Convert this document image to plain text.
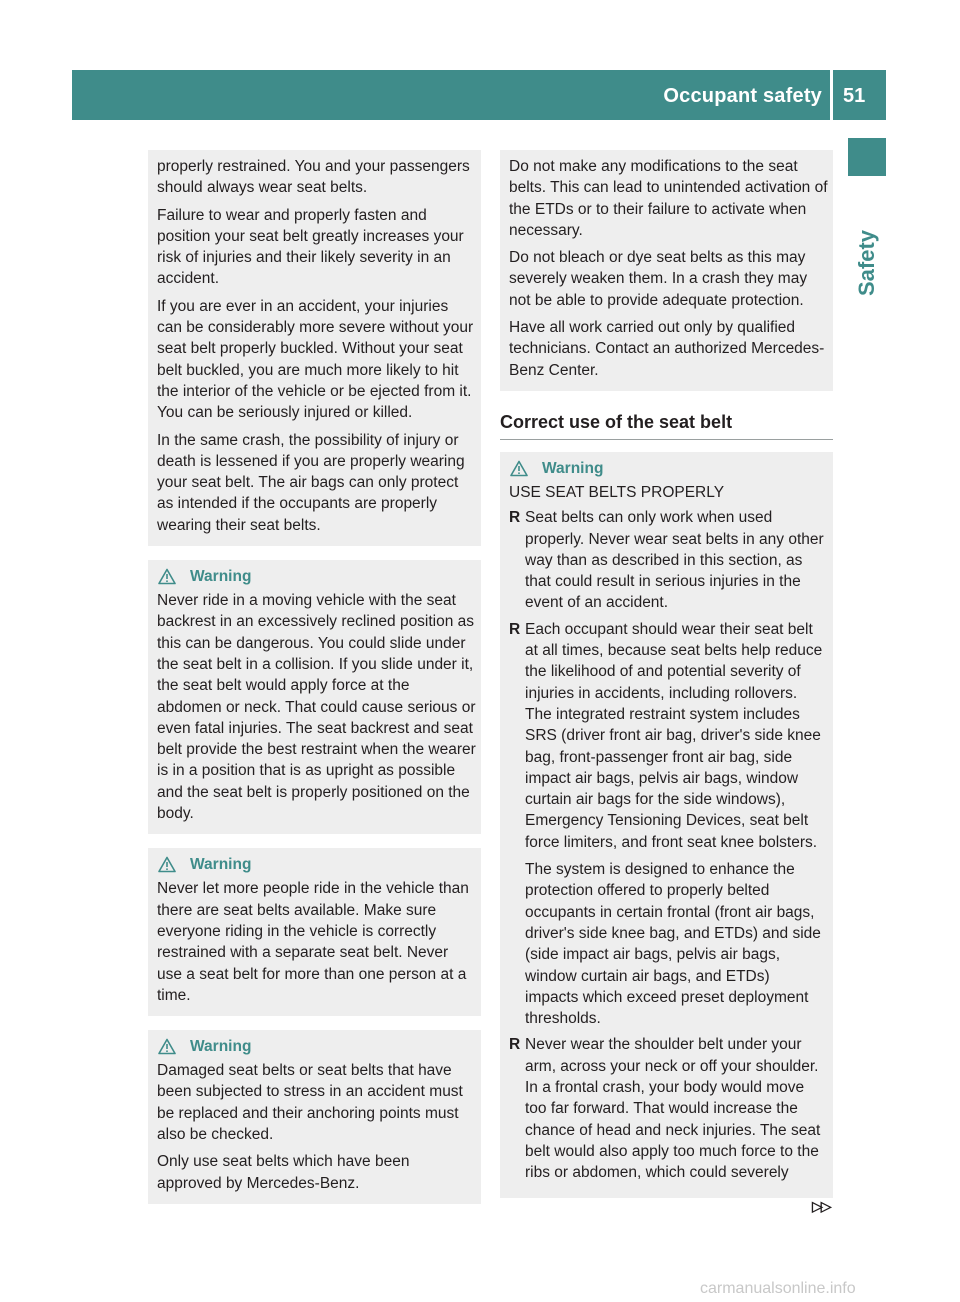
Occupant safety 51
Safety

properly restrained. You and your passengers should always wear seat belts.

Failure to wear and properly fasten and position your seat belt greatly increases your risk of injuries and their likely severity in an accident.

If you are ever in an accident, your injuries can be considerably more severe without your seat belt properly buckled. Without your seat belt buckled, you are much more likely to hit the interior of the vehicle or be ejected from it. You can be seriously injured or killed.

In the same crash, the possibility of injury or death is lessened if you are properly wearing your seat belt. The air bags can only protect as intended if the occupants are properly wearing their seat belts.

Warning

Never ride in a moving vehicle with the seat backrest in an excessively reclined position as this can be dangerous. You could slide under the seat belt in a collision. If you slide under it, the seat belt would apply force at the abdomen or neck. That could cause serious or even fatal injuries. The seat backrest and seat belt provide the best restraint when the wearer is in a position that is as upright as possible and the seat belt is properly positioned on the body.

Warning

Never let more people ride in the vehicle than there are seat belts available. Make sure everyone riding in the vehicle is correctly restrained with a separate seat belt. Never use a seat belt for more than one person at a time.

Warning

Damaged seat belts or seat belts that have been subjected to stress in an accident must be replaced and their anchoring points must also be checked.

Only use seat belts which have been approved by Mercedes-Benz.

Do not make any modifications to the seat belts. This can lead to unintended activation of the ETDs or to their failure to activate when necessary.

Do not bleach or dye seat belts as this may severely weaken them. In a crash they may not be able to provide adequate protection.

Have all work carried out only by qualified technicians. Contact an authorized Mercedes-Benz Center.

Correct use of the seat belt
Warning

USE SEAT BELTS PROPERLY

R Seat belts can only work when used properly. Never wear seat belts in any other way than as described in this section, as that could result in serious injuries in the event of an accident.

R Each occupant should wear their seat belt at all times, because seat belts help reduce the likelihood of and potential severity of injuries in accidents, including rollovers. The integrated restraint system includes SRS (driver front air bag, driver's side knee bag, front-passenger front air bag, side impact air bags, pelvis air bags, window curtain air bags for the side windows), Emergency Tensioning Devices, seat belt force limiters, and front seat knee bolsters.

The system is designed to enhance the protection offered to properly belted occupants in certain frontal (front air bags, driver's side knee bag, and ETDs) and side (side impact air bags, pelvis air bags, window curtain air bags, and ETDs) impacts which exceed preset deployment thresholds.

R Never wear the shoulder belt under your arm, across your neck or off your shoulder. In a frontal crash, your body would move too far forward. That would increase the chance of head and neck injuries. The seat belt would also apply too much force to the ribs or abdomen, which could severely

▷▷
carmanualsonline.info
